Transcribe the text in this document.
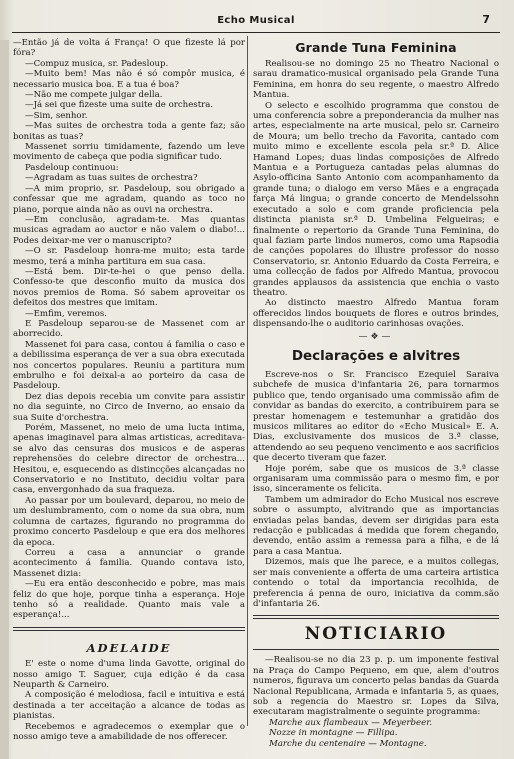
Echo Musical	7

—Então já de volta á França! O que fizeste lá por fóra?

—Compuz musica, sr. Padesloup.

—Muito bem! Mas não é só compôr musica, é necessario musica boa. E a tua é boa?

—Não me compete julgar della.

—Já sei que fizeste uma suite de orchestra.

—Sim, senhor.

—Mas suites de orchestra toda a gente faz; são bonitas as tuas?

Massenet sorriu timidamente, fazendo um leve movimento de cabeça que podia significar tudo.

Pasdeloup continuou:

—Agradam as tuas suites de orchestra?

—A mim proprio, sr. Pasdeloup, sou obrigado a confessar que me agradam, quando as toco no piano, porque ainda não as ouvi na orchestra.

—Em conclusão, agradam-te. Mas quantas musicas agradam ao auctor e não valem o diabo!... Podes deixar-me ver o manuscripto?

—O sr. Pasdeloup honra-me muito; esta tarde mesmo, terá a minha partitura em sua casa.

—Está bem. Dir-te-hei o que penso della. Confesso-te que desconfio muito da musica dos novos premios de Roma. Só sabem aproveitar os defeitos dos mestres que imitam.

—Emfim, veremos.

E Pasdeloup separou-se de Massenet com ar aborrecido.

Massenet foi para casa, contou á familia o caso e a debilissima esperança de ver a sua obra executada nos concertos populares. Reuniu a partitura num embrulho e foi deixal-a ao porteiro da casa de Pasdeloup.

Dez dias depois recebia um convite para assistir no dia seguinte, no Circo de Inverno, ao ensaio da sua Suite d'orchestra.

Porém, Massenet, no meio de uma lucta intima, apenas imaginavel para almas artisticas, acreditava-se alvo das censuras dos musicos e de asperas reprehensões do celebre director de orchestra... Hesitou, e, esquecendo as distincções alcançadas no Conservatorio e no Instituto, decidiu voltar para casa, envergonhado da sua fraqueza.

Ao passar por um boulevard, deparou, no meio de um deslumbramento, com o nome da sua obra, num columna de cartazes, figurando no programma do proximo concerto Pasdeloup e que era dos melhores da epoca.

Correu a casa a annunciar o grande acontecimento á familia. Quando contava isto, Massenet dizia:

—Eu era então desconhecido e pobre, mas mais feliz do que hoje, porque tinha a esperança. Hoje tenho só a realidade. Quanto mais vale a esperança!...

ADELAIDE

E' este o nome d'uma linda Gavotte, original do nosso amigo T. Saguer, cuja edição é da casa Neuparth & Carneiro.

A composição é melodiosa, facil e intuitiva e está destinada a ter acceitação a alcance de todas as pianistas.

Recebemos e agradecemos o exemplar que o nosso amigo teve a amabilidade de nos offerecer.

Grande Tuna Feminina

Realisou-se no domingo 25 no Theatro Nacional o sarau dramatico-musical organisado pela Grande Tuna Feminina, em honra do seu regente, o maestro Alfredo Mantua.

O selecto e escolhido programma que constou de uma conferencia sobre a preponderancia da mulher nas artes, especialmente na arte musical, pelo sr. Carneiro de Moura; um bello trecho da Favorita, cantado com muito mimo e excellente escola pela sr.ª D. Alice Hamand Lopes; duas lindas composições de Alfredo Mantua e a Portugueza cantadas pelas alumnas do Asylo-officina Santo Antonio com acompanhamento da grande tuna; o dialogo em verso Mães e a engraçada farça Má lingua; o grande concerto de Mendelssohn executado a solo e com grande proficiencia pela distincta pianista sr.ª D. Umbelina Felgueiras; e finalmente o repertorio da Grande Tuna Feminina, do qual faziam parte lindos numeros, como uma Rapsodia de canções popolares do illustre professor do nosso Conservatorio, sr. Antonio Eduardo da Costa Ferreira, e uma collecção de fados por Alfredo Mantua, provocou grandes applausos da assistencia que enchia o vasto theatro.

Ao distincto maestro Alfredo Mantua foram offerecidos lindos bouquets de flores e outros brindes, dispensando-lhe o auditorio carinhosas ovações.

—❖—
Declarações e alvitres

Escreve-nos o Sr. Francisco Ezequiel Saraiva subchefe de musica d'infantaria 26, para tornarmos publico que, tendo organisado uma commissão afim de convidar as bandas do exercito, a contribuirem para se prestar homenagem e testemunhar a gratidão dos musicos militares ao editor do «Echo Musical» E. A. Dias, exclusivamente dos musicos de 3.ª classe, attendendo ao seu pequeno vencimento e aos sacrificios que decerto tiveram que fazer.

Hoje porém, sabe que os musicos de 3.ª classe organisaram uma commissão para o mesmo fim, e por isso, sinceramente os felicita.

Tambem um admirador do Echo Musical nos escreve sobre o assumpto, alvitrando que as importancias enviadas pelas bandas, devem ser dirigidas para esta redacção e publicadas á medida que forem chegando, devendo, então assim a remessa para a filha, e de lá para a casa Mantua.

Dizemos, mais que lhe parece, e a muitos collegas, ser mais conveniente a offerta de uma carteira artistica contendo o total da importancia recolhida, de preferencia á penna de ouro, iniciativa da comm.são d'infantaria 26.

NOTICIARIO

—Realisou-se no dia 23 p. p. um imponente festival na Praça do Campo Pequeno, em que, alem d'outros numeros, figurava um concerto pelas bandas da Guarda Nacional Republicana, Armada e infantaria 5, as quaes, sob a regencia do Maestro sr. Lopes da Silva, executaram magistralmente o seguinte programma:

Marche aux flambeaux — Meyerbeer.

Nozze in montagne — Fillipa.

Marche du centenaire — Montagne.
